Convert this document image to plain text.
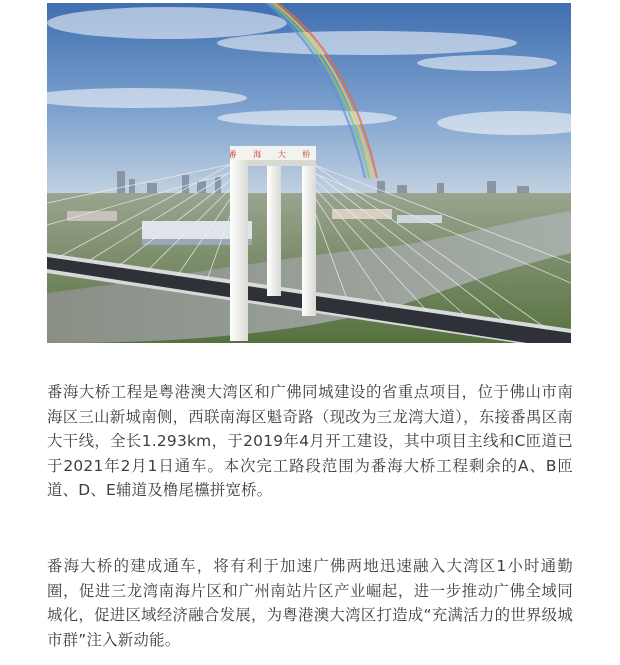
番 海 大 桥

番海大桥工程是粤港澳大湾区和广佛同城建设的省重点项目，位于佛山市南海区三山新城南侧，西联南海区魁奇路（现改为三龙湾大道），东接番禺区南大干线，全长1.293km，于2019年4月开工建设，其中项目主线和C匝道已于2021年2月1日通车。本次完工路段范围为番海大桥工程剩余的A、B匝道、D、E辅道及橹尾欓拼宽桥。

番海大桥的建成通车，将有利于加速广佛两地迅速融入大湾区1小时通勤圈，促进三龙湾南海片区和广州南站片区产业崛起，进一步推动广佛全域同城化，促进区域经济融合发展，为粤港澳大湾区打造成“充满活力的世界级城市群”注入新动能。
